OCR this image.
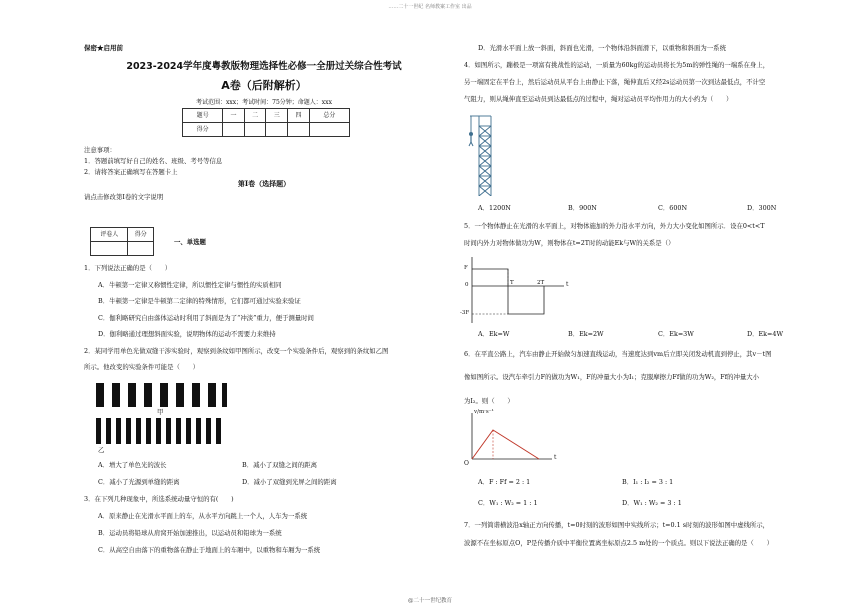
……二十一世纪 名师教案工作室 出品
保密★启用前
2023-2024学年度粤教版物理选择性必修一全册过关综合性考试
A卷（后附解析）
考试范围：xxx；考试时间：75分钟；命题人：xxx
题号	一	二	三	四	总分
得分					
注意事项：
1．答题前填写好自己的姓名、班级、考号等信息
2．请将答案正确填写在答题卡上
第Ⅰ卷（选择题）
请点击修改第I卷的文字说明
评卷人	得分

一、单选题
1．下列说法正确的是（　　）
A．牛顿第一定律又称惯性定律，所以惯性定律与惯性的实质相同
B．牛顿第一定律是牛顿第二定律的特殊情形，它们都可通过实验来验证
C．伽利略研究自由落体运动时利用了斜面是为了“冲淡”重力，便于测量时间
D．伽利略通过理想斜面实验，说明物体的运动不需要力来维持
2．某同学用单色光做双缝干涉实验时，观察到条纹如甲图所示，改变一个实验条件后，观察到的条纹如乙图
所示。他改变的实验条件可能是（　　）
甲
乙
A．增大了单色光的波长	B．减小了双缝之间的距离
C．减小了光源到单缝的距离	D．减小了双缝到光屏之间的距离
3．在下列几种现象中，所选系统动量守恒的有(　　)
A．原来静止在光滑水平面上的车，从水平方向跳上一个人，人车为一系统
B．运动员将铅球从肩窝开始加速推出，以运动员和铅球为一系统
C．从高空自由落下的重物落在静止于地面上的车厢中，以重物和车厢为一系统
D．光滑水平面上放一斜面，斜面也光滑，一个物体沿斜面滑下，以重物和斜面为一系统
4．如图所示，蹦极是一项富有挑战性的运动，一质量为60kg的运动员将长为5m的弹性绳的一端系在身上，
另一端固定在平台上，然后运动员从平台上由静止下落，绳伸直后又经2s运动员第一次到达最低点，不计空
气阻力，则从绳伸直至运动员到达最低点的过程中，绳对运动员平均作用力的大小约为（　　）
A．1200N	B．900N	C．600N	D．300N
5．一个物体静止在光滑的水平面上，对物体施加的外力沿水平方向，外力大小变化如图所示．设在0<t<T
时间内外力对物体做功为W，则物体在t=2T时的动能Ek与W的关系是（）
F
-3F
0	T	2T	t
A．Ek=W	B．Ek=2W	C．Ek=3W	D．Ek=4W
6．在平直公路上，汽车由静止开始做匀加速直线运动，当速度达到vm后立即关闭发动机直到停止，其v－t图
像如图所示。设汽车牵引力F的做功为W₁，F的冲量大小为I₁；克服摩擦力Ff做的功为W₂，Ff的冲量大小
为I₂。则（　　）
v/m·s⁻¹
t
O
A．F : Ff = 2 : 1	B．I₁ : I₂ = 3 : 1
C．W₁ : W₂ = 1 : 1	D．W₁ : W₂ = 3 : 1
7．一列简谐横波沿x轴正方向传播，t=0时刻的波形如图中实线所示；t=0.1 s时刻的波形如图中虚线所示，
波源不在坐标原点O，P是传播介质中平衡位置离坐标原点2.5 m处的一个质点。则以下说法正确的是（　　）
@二十一世纪教育
